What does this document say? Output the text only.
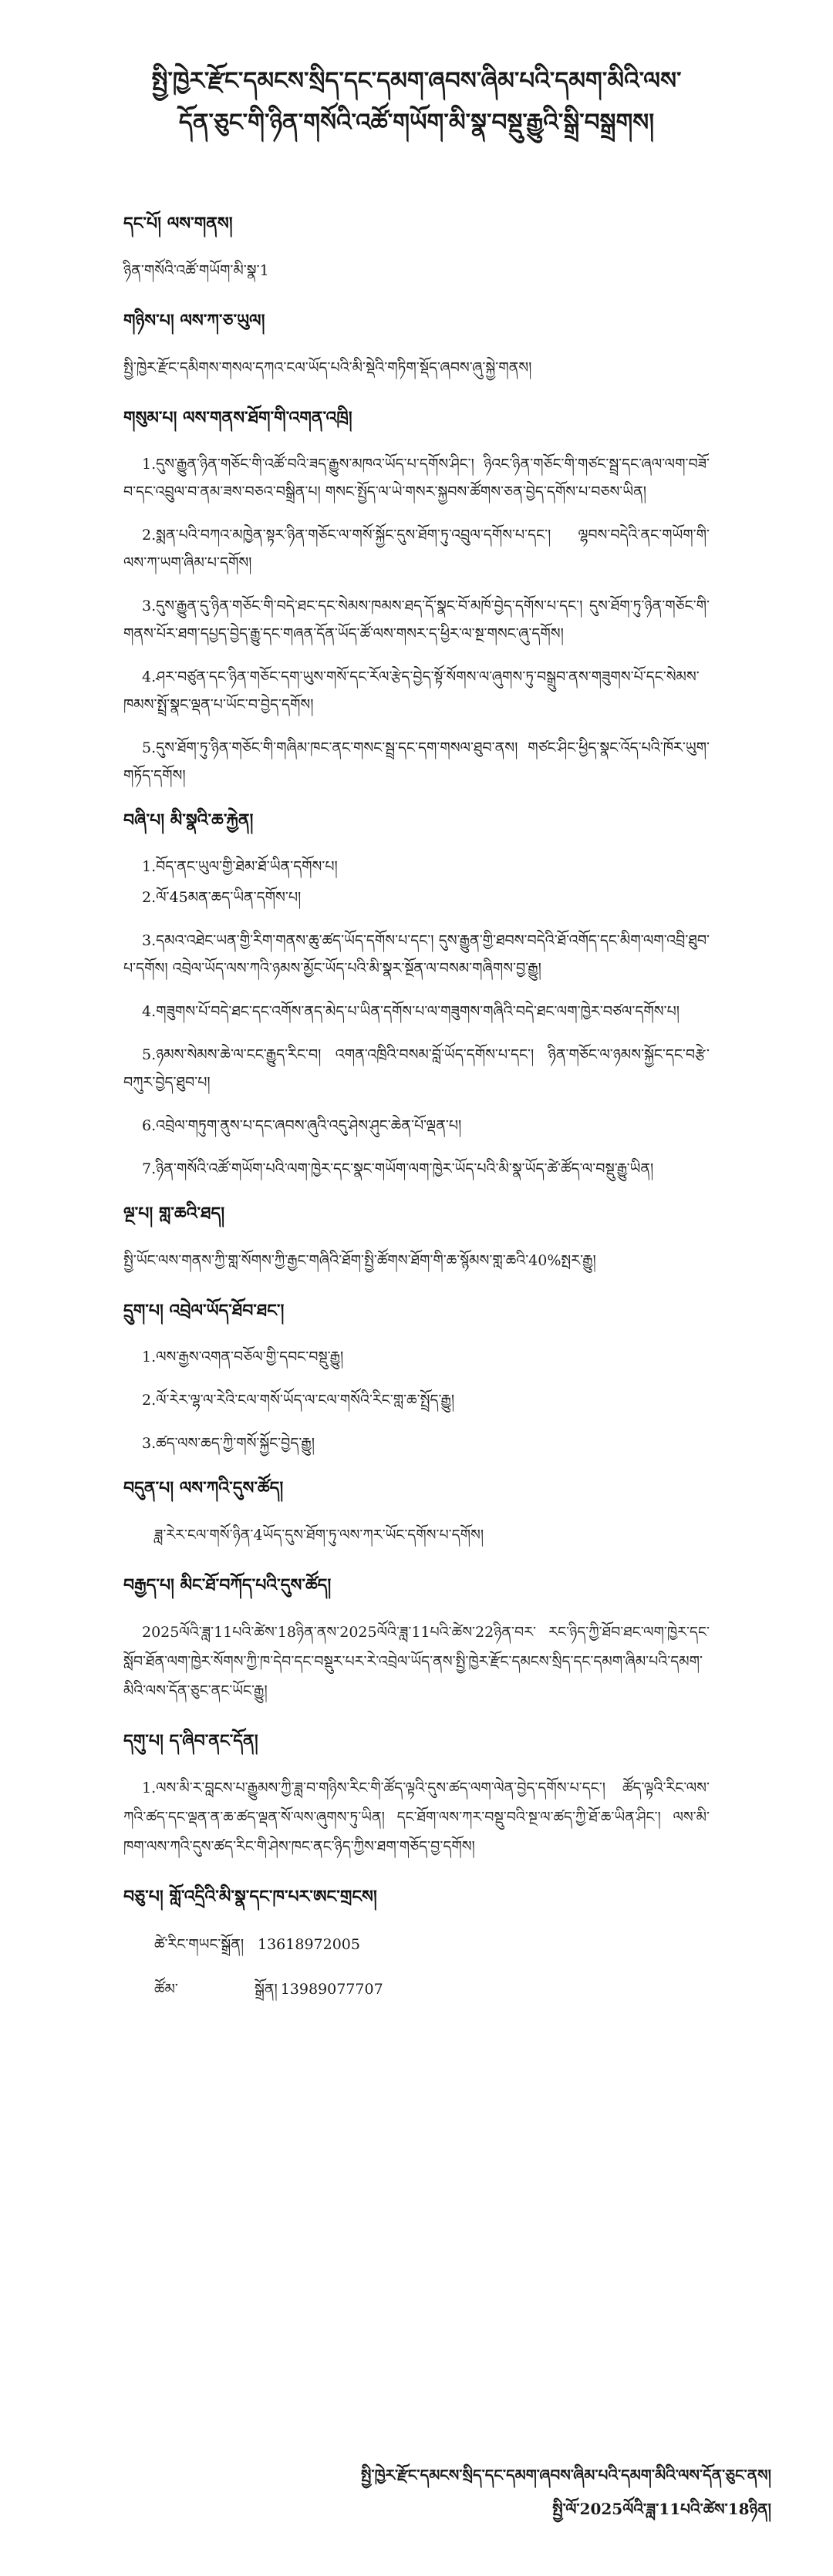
སྤྱི་ཁྱེར་རྫོང་དམངས་སྲིད་དང་དམག་ཞབས་ཞིམ་པའི་དམག་མིའི་ལས་
དོན་ཅུང་གི་ཉིན་གསོའི་འཚོ་གཡོག་མི་སྣ་བསྡུ་རྒྱུའི་སྒྲི་བསྒྲགས།
དང་པོ། ལས་གནས།
ཉིན་གསོའི་འཚོ་གཡོག་མི་སྣ་1
གཉིས་པ། ལས་ཀ་ཅ་ཡུལ།
སྤྱི་ཁྱེར་རྫོང་དམིགས་གསལ་དཀའ་ངལ་ཡོད་པའི་མི་སྡེའི་གཏིག་སྡོད་ཞབས་ཞུ་སྐྱེ་གནས།
གསུམ་པ། ལས་གནས་ཐོག་གི་འགན་འཁྲི།
1.དུས་རྒྱུན་ཉིན་གཅོང་གི་འཚོ་བའི་ཟད་རྒྱུས་མཁའ་ཡོད་པ་དགོས་ཤིང་། ཉིའང་ཉིན་གཅོང་གི་གཙང་སྦྲ་དང་ཞལ་ལག་བཟོ་བ་དང་འབྲུལ་བ་ནམ་ཟས་བཅའ་བསྒྲིན་པ། གསང་སྤྱོད་ལ་ཡེ་གསར་སྐྱབས་ཚོགས་ཅན་བྱེད་དགོས་པ་བཅས་ཡིན།
2.སྨན་པའི་བཀའ་མཁྱེན་སྟར་ཉིན་གཅོང་ལ་གསོ་སྐྱོང་དུས་ཐོག་ཏུ་འབྲུལ་དགོས་པ་དང་། ལྷབས་བདེའི་ནང་གཡོག་གི་ལས་ཀ་ཡག་ཞིམ་པ་དགོས།
3.དུས་རྒྱུན་དུ་ཉིན་གཅོང་གི་བདེ་ཐང་དང་སེམས་ཁམས་ཐད་དོ་སྣང་བོ་མཁོ་བྱེད་དགོས་པ་དང་། དུས་ཐོག་ཏུ་ཉིན་གཅོང་གི་གནས་པོར་ཐག་དཔྱད་བྱེད་རྒྱུ་དང་གཞན་དོན་ཡོད་ཚོ་ལས་གསར་ད་ཕྱིར་ལ་སྔ་གསང་ཞུ་དགོས།
4.ཤར་བཙུན་དང་ཉིན་གཅོང་དག་ཡུས་གསོ་དང་རོལ་རྩེད་བྱེད་སྟོ་སོགས་ལ་ཞུགས་ཏུ་བསྒྲུབ་ནས་གཟུགས་པོ་དང་སེམས་ཁམས་སྤྲོ་སྣང་ལྡན་པ་ཡོང་བ་བྱེད་དགོས།
5.དུས་ཐོག་ཏུ་ཉིན་གཅོང་གི་གཞིམ་ཁང་ནང་གསང་སྦྲ་དང་དག་གསལ་ཐུབ་ནས། གཙང་ཤིང་ཕྱིད་སྣང་འོད་པའི་ཁོར་ཡུག་གཏོད་དགོས།
བཞི་པ། མི་སྣའི་ཆ་རྐྱེན།
1.བོད་ནང་ཡུལ་གྱི་ཐེམ་ཐོ་ཡིན་དགོས་པ།
2.ལོ་45མན་ཆད་ཡིན་དགོས་པ།
3.དམའ་འཐེང་ཡན་གྱི་རིག་གནས་ཆུ་ཚད་ཡོད་དགོས་པ་དང་། དུས་རྒྱུན་གྱི་ཐབས་བདེའི་ཐོ་འགོད་དང་མིག་ལག་འབྲི་ཐུབ་པ་དགོས། འབྲེལ་ཡོད་ལས་ཀའི་ཉམས་མྱོང་ཡོད་པའི་མི་སྣར་སྔོན་ལ་བསམ་གཞིགས་བྱ་རྒྱུ།
4.གཟུགས་པོ་བདེ་ཐང་དང་འགོས་ནད་མེད་པ་ཡིན་དགོས་པ་ལ་གཟུགས་གཞིའི་བདེ་ཐང་ལག་ཁྱེར་བཙལ་དགོས་པ།
5.ཉམས་སེམས་ཆེ་ལ་ངང་རྒྱུད་རིང་བ། འགན་འཁྲིའི་བསམ་བློ་ཡོད་དགོས་པ་དང་། ཉིན་གཅོང་ལ་ཉམས་སྐྱོང་དང་བརྩེ་བཀུར་བྱེད་ཐུབ་པ།
6.འབྲེལ་གཏུག་ནུས་པ་དང་ཞབས་ཞུའི་འདུ་ཤེས་ཤུང་ཆེན་པོ་ལྡན་པ།
7.ཉིན་གསོའི་འཚོ་གཡོག་པའི་ལག་ཁྱེར་དང་སྣང་གཡོག་ལག་ཁྱེར་ཡོད་པའི་མི་སྣ་ཡོད་ཚེ་ཚོད་ལ་བསྡུ་རྒྱུ་ཡིན།
ལྔ་པ། གླ་ཆའི་ཐད།
སྤྱི་ཡོང་ལས་གནས་ཀྱི་གླ་སོགས་ཀྱི་རྒྱང་གཞིའི་ཐོག་སྤྱི་ཚོགས་ཐོག་གི་ཆ་སྙོམས་གླ་ཆའི་40%སྤར་རྒྱུ།
དྲུག་པ། འབྲེལ་ཡོད་ཐོབ་ཐང་།
1.ལས་རྒྱས་འགན་བཅོལ་གྱི་དབང་བསྡུ་རྒྱུ།
2.ལོ་རེར་ལྷ་ལ་རེའི་ངལ་གསོ་ཡོད་ལ་ངལ་གསོའི་རིང་གླ་ཆ་སྤྲོད་རྒྱུ།
3.ཚད་ལས་ཆད་ཀྱི་གསོ་སྐྱོང་བྱེད་རྒྱུ།
བདུན་པ། ལས་ཀའི་དུས་ཚོད།
ཟླ་རེར་ངལ་གསོ་ཉིན་4ཡོད་དུས་ཐོག་ཏུ་ལས་ཀར་ཡོང་དགོས་པ་དགོས།
བརྒྱད་པ། མིང་ཐོ་བཀོད་པའི་དུས་ཚོད།
2025ལོའི་ཟླ་11པའི་ཚེས་18ཉིན་ནས་2025ལོའི་ཟླ་11པའི་ཚེས་22ཉིན་བར་ རང་ཉིད་ཀྱི་ཐོབ་ཐང་ལག་ཁྱེར་དང་སློབ་ཐོན་ལག་ཁྱེར་སོགས་ཀྱི་ཁ་དེབ་དང་བསྡུར་པར་རེ་འབྲེལ་ཡོད་ནས་སྤྱི་ཁྱེར་རྫོང་དམངས་སྲིད་དང་དམག་ཞིམ་པའི་དམག་མིའི་ལས་དོན་ཅུང་ནང་ཡོང་རྒྱུ།
དགུ་པ། ད་ཞིབ་ནང་དོན།
1.ལས་མི་ར་བླངས་པ་རྒྱུམས་ཀྱི་ཟླ་བ་གཉིས་རིང་གི་ཚོད་ལྟའི་དུས་ཚད་ལག་ལེན་བྱེད་དགོས་པ་དང་། ཚོད་ལྟའི་རིང་ལས་ཀའི་ཚད་དང་ལྡན་ན་ཆ་ཚད་ལྡན་སོ་ལས་ཞུགས་ཏུ་ཡིན། དང་ཐོག་ལས་ཀར་བསྡུ་བའི་སྔ་ལ་ཚད་ཀྱི་ཐོ་ཆ་ཡིན་ཤིང་། ལས་མི་ཁག་ལས་ཀའི་དུས་ཚད་རིང་གི་ཤེས་ཁང་ནང་ཉིད་ཀྱིས་ཐག་གཅོད་བྱ་དགོས།
བཅུ་པ། གློ་འདྲིའི་མི་སྣ་དང་ཁ་པར་ཨང་གྲངས།
ཚེ་རིང་གཡང་སྒྲོན། 13618972005
ཚོམ་	སྒྲོན། 13989077707
སྤྱི་ཁྱེར་རྫོང་དམངས་སྲིད་དང་དམག་ཞབས་ཞིམ་པའི་དམག་མིའི་ལས་དོན་ཅུང་ནས།
སྤྱི་ལོ་2025ལོའི་ཟླ་11པའི་ཚེས་18ཉིན།
